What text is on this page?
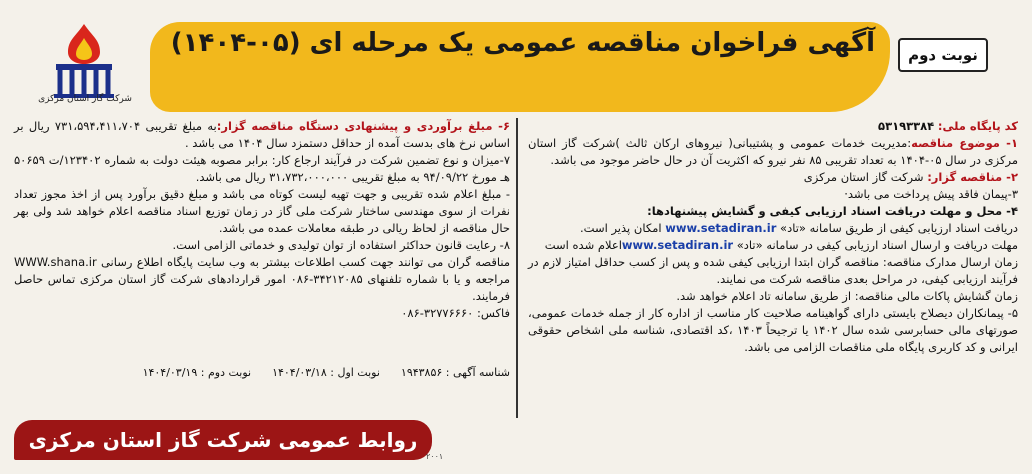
آگهی فراخوان مناقصه عمومی یک مرحله ای (۰۵-۱۴۰۴)	نوبت دوم
شرکت گاز استان مرکزی

کد پایگاه ملی: ۵۳۱۹۳۳۸۴

۱- موضوع مناقصه:مدیریت خدمات عمومی و پشتیبانی( نیروهای ارکان ثالث )شرکت گاز استان مرکزی در سال ۰۵-۱۴۰۴ به تعداد تقریبی ۸۵ نفر نیرو که اکثریت آن در حال حاضر موجود می باشد.

۲- مناقصه گزار: شرکت گاز استان مرکزی

۳-پیمان فاقد پیش پرداخت می باشد·

۴- محل و مهلت دریافت اسناد ارزیابی کیفی و گشایش پیشنهادها:

دریافت اسناد ارزیابی کیفی از طریق سامانه «تاد» www.setadiran.ir امکان پذیر است.

مهلت دریافت و ارسال اسناد ارزیابی کیفی در سامانه «تاد» www.setadiran.irاعلام شده است

زمان ارسال مدارک مناقصه: مناقصه گران ابتدا ارزیابی کیفی شده و پس از کسب حداقل امتیاز لازم در فرآیند ارزیابی کیفی، در مراحل بعدی مناقصه شرکت می نمایند.

زمان گشایش پاکات مالی مناقصه: از طریق سامانه تاد اعلام خواهد شد.

۵- پیمانکاران دیصلاح بایستی دارای گواهینامه صلاحیت کار مناسب از اداره کار از جمله خدمات عمومی، صورتهای مالی حسابرسی شده سال ۱۴۰۲ یا ترجیحاً ۱۴۰۳ ،کد اقتصادی، شناسه ملی اشخاص حقوقی ایرانی و کد کاربری پایگاه ملی مناقصات الزامی می باشد.

۶- مبلغ برآوردی و پیشنهادی دستگاه مناقصه گزار:به مبلغ تقریبی ۷۳۱،۵۹۴،۴۱۱،۷۰۴ ریال بر اساس نرخ های بدست آمده از حداقل دستمزد سال ۱۴۰۴ می باشد .

۷-میزان و نوع تضمین شرکت در فرآیند ارجاع کار: برابر مصوبه هیئت دولت به شماره ۱۲۳۴۰۲/ت ۵۰۶۵۹ هـ مورخ ۹۴/۰۹/۲۲ به مبلغ تقریبی ۳۱،۷۳۲،۰۰۰،۰۰۰ ریال می باشد.

- مبلغ اعلام شده تقریبی و جهت تهیه لیست کوتاه می باشد و مبلغ دقیق برآورد پس از اخذ مجوز تعداد نفرات از سوی مهندسی ساختار شرکت ملی گاز در زمان توزیع اسناد مناقصه اعلام خواهد شد ولی بهر حال مناقصه از لحاظ ریالی در طبقه معاملات عمده می باشد.

۸- رعایت قانون حداکثر استفاده از توان تولیدی و خدماتی الزامی است.

مناقصه گران می توانند جهت کسب اطلاعات بیشتر به وب سایت پایگاه اطلاع رسانی WWW.shana.ir مراجعه و یا با شماره تلفنهای ۳۴۲۱۲۰۸۵-۰۸۶ امور قراردادهای شرکت گاز استان مرکزی تماس حاصل فرمایند.

فاکس: ۳۲۷۷۶۶۶۰-۰۸۶

شناسه آگهی : ۱۹۴۳۸۵۶      نوبت اول : ۱۴۰۴/۰۳/۱۸      نوبت دوم : ۱۴۰۴/۰۳/۱۹
روابط عمومی شرکت گاز استان مرکزی
۲۰۰۱
